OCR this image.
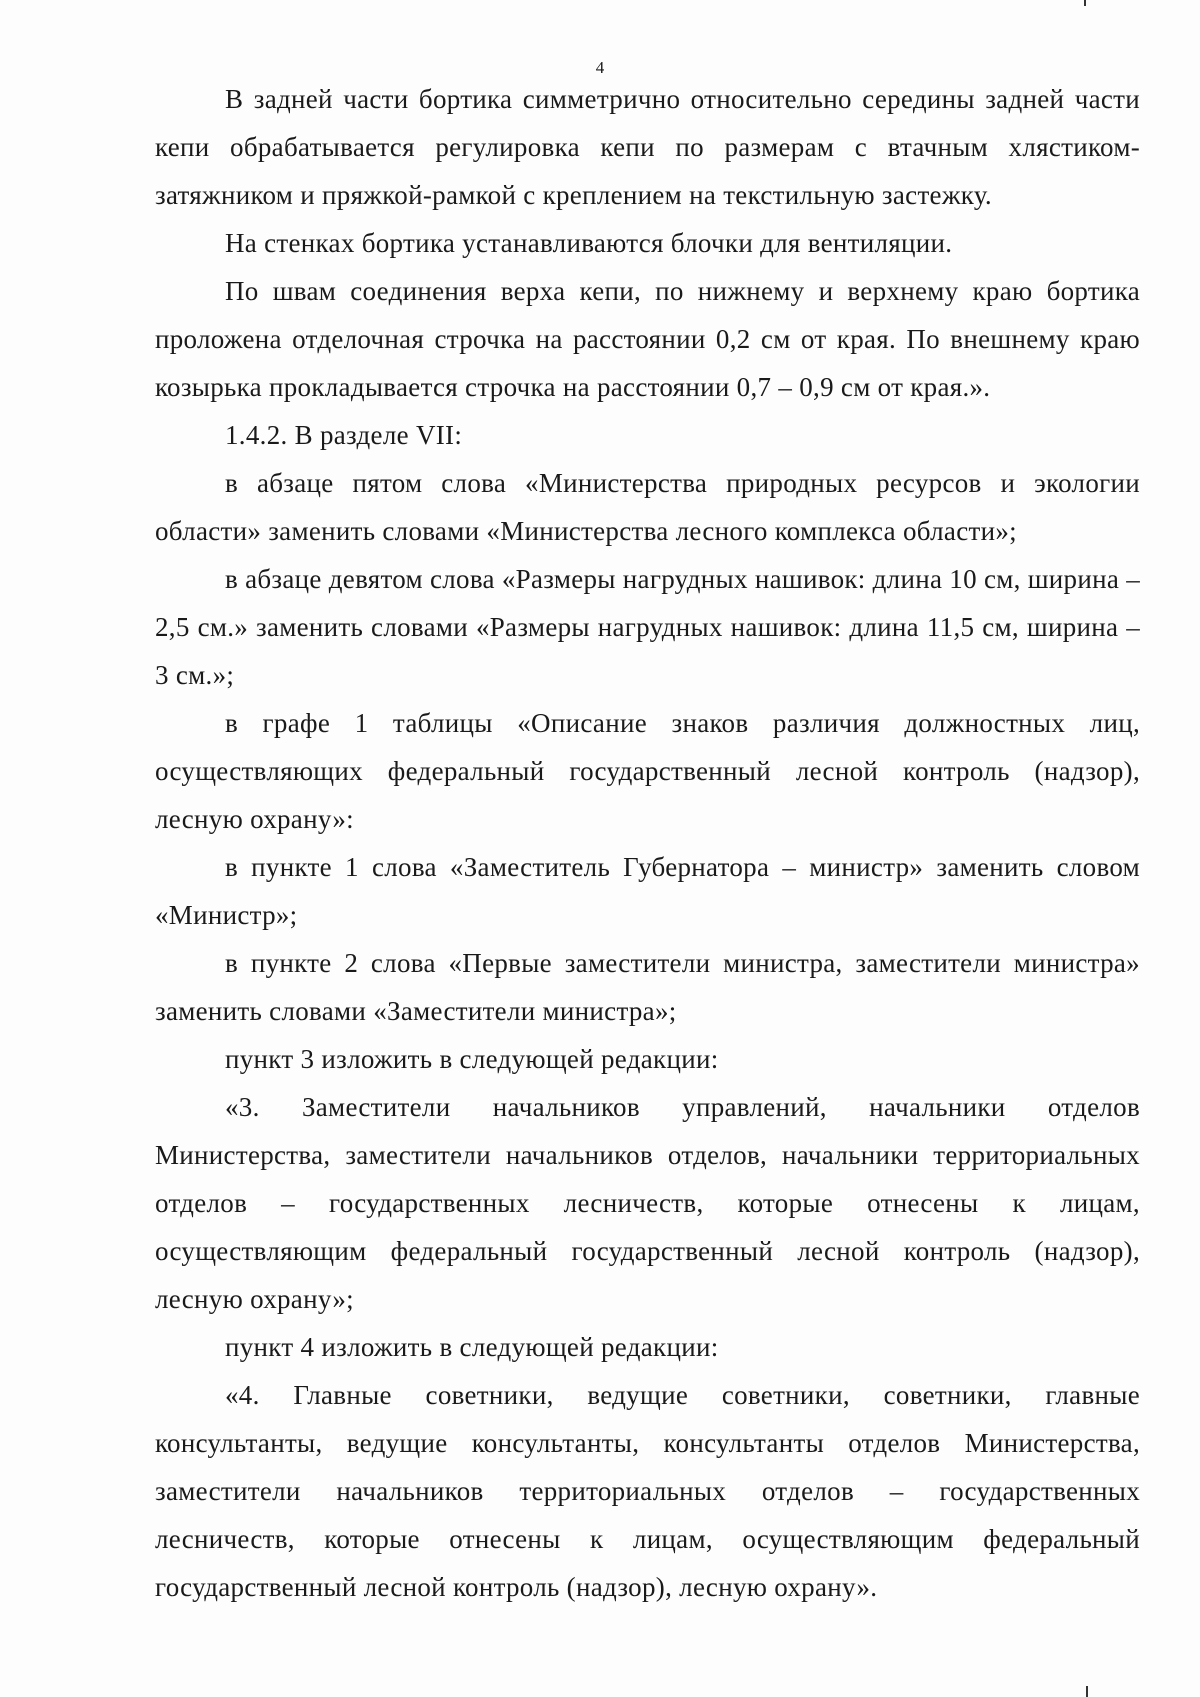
4

В задней части бортика симметрично относительно середины задней части кепи обрабатывается регулировка кепи по размерам с втачным хлястиком-затяжником и пряжкой-рамкой с креплением на текстильную застежку.

На стенках бортика устанавливаются блочки для вентиляции.

По швам соединения верха кепи, по нижнему и верхнему краю бортика проложена отделочная строчка на расстоянии 0,2 см от края. По внешнему краю козырька прокладывается строчка на расстоянии 0,7 – 0,9 см от края.».

1.4.2. В разделе VII:

в абзаце пятом слова «Министерства природных ресурсов и экологии области» заменить словами «Министерства лесного комплекса области»;

в абзаце девятом слова «Размеры нагрудных нашивок: длина 10 см, ширина – 2,5 см.» заменить словами «Размеры нагрудных нашивок: длина 11,5 см, ширина – 3 см.»;

в графе 1 таблицы «Описание знаков различия должностных лиц, осуществляющих федеральный государственный лесной контроль (надзор), лесную охрану»:

в пункте 1 слова «Заместитель Губернатора – министр» заменить словом «Министр»;

в пункте 2 слова «Первые заместители министра, заместители министра» заменить словами «Заместители министра»;

пункт 3 изложить в следующей редакции:

«3. Заместители начальников управлений, начальники отделов Министерства, заместители начальников отделов, начальники территориальных отделов – государственных лесничеств, которые отнесены к лицам, осуществляющим федеральный государственный лесной контроль (надзор), лесную охрану»;

пункт 4 изложить в следующей редакции:

«4. Главные советники, ведущие советники, советники, главные консультанты, ведущие консультанты, консультанты отделов Министерства, заместители начальников территориальных отделов – государственных лесничеств, которые отнесены к лицам, осуществляющим федеральный государственный лесной контроль (надзор), лесную охрану».
